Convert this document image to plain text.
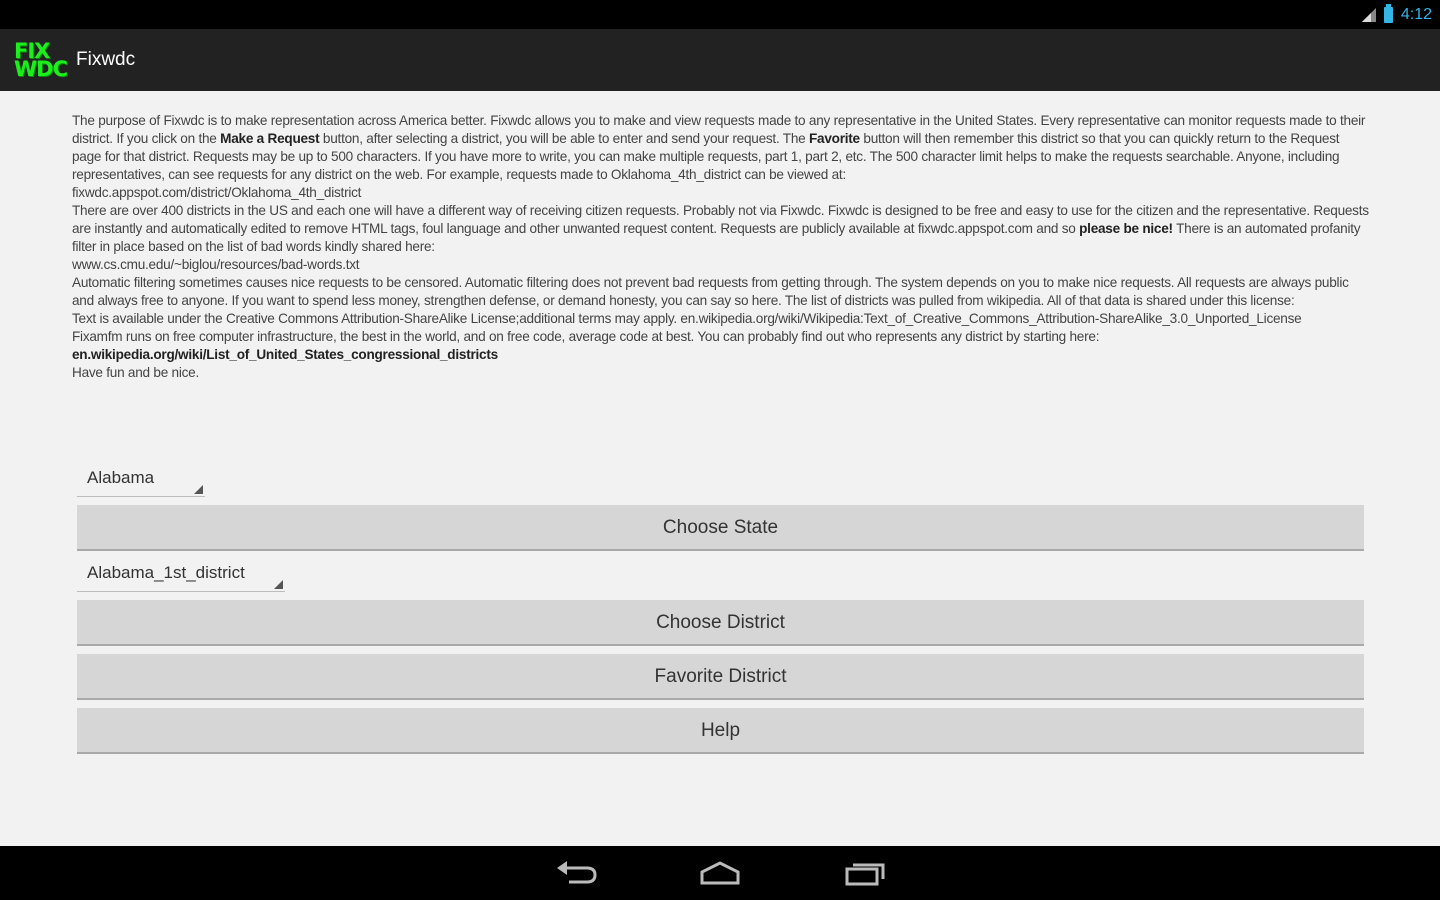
4:12
FIX
WDC Fixwdc

The purpose of Fixwdc is to make representation across America better. Fixwdc allows you to make and view requests made to any representative in the United States. Every representative can monitor requests made to their district. If you click on the Make a Request button, after selecting a district, you will be able to enter and send your request. The Favorite button will then remember this district so that you can quickly return to the Request page for that district. Requests may be up to 500 characters. If you have more to write, you can make multiple requests, part 1, part 2, etc. The 500 character limit helps to make the requests searchable. Anyone, including representatives, can see requests for any district on the web. For example, requests made to Oklahoma_4th_district can be viewed at:

fixwdc.appspot.com/district/Oklahoma_4th_district

There are over 400 districts in the US and each one will have a different way of receiving citizen requests. Probably not via Fixwdc. Fixwdc is designed to be free and easy to use for the citizen and the representative. Requests are instantly and automatically edited to remove HTML tags, foul language and other unwanted request content. Requests are publicly available at fixwdc.appspot.com and so please be nice! There is an automated profanity filter in place based on the list of bad words kindly shared here:

www.cs.cmu.edu/~biglou/resources/bad-words.txt

Automatic filtering sometimes causes nice requests to be censored. Automatic filtering does not prevent bad requests from getting through. The system depends on you to make nice requests. All requests are always public and always free to anyone. If you want to spend less money, strengthen defense, or demand honesty, you can say so here. The list of districts was pulled from wikipedia. All of that data is shared under this license:

Text is available under the Creative Commons Attribution-ShareAlike License;additional terms may apply. en.wikipedia.org/wiki/Wikipedia:Text_of_Creative_Commons_Attribution-ShareAlike_3.0_Unported_License

Fixamfm runs on free computer infrastructure, the best in the world, and on free code, average code at best. You can probably find out who represents any district by starting here:

en.wikipedia.org/wiki/List_of_United_States_congressional_districts

Have fun and be nice.

Alabama
Choose State
Alabama_1st_district
Choose District
Favorite District
Help
